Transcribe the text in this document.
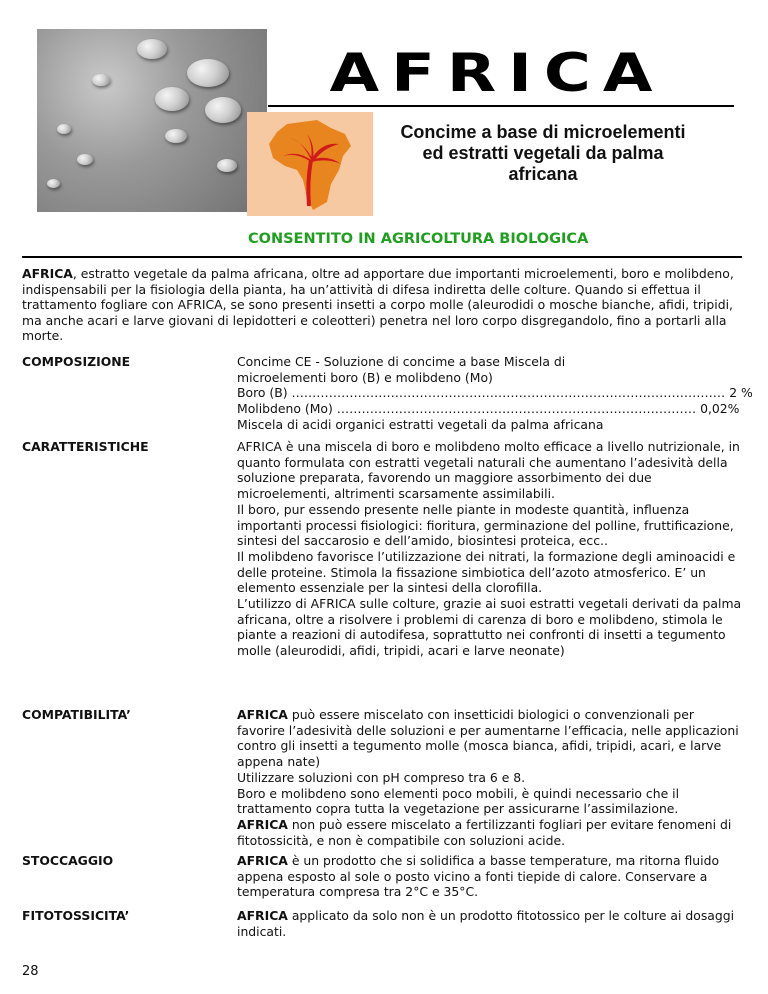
AFRICA
Concime a base di microelementi
ed estratti vegetali da palma
africana
CONSENTITO IN AGRICOLTURA BIOLOGICA
AFRICA, estratto vegetale da palma africana, oltre ad apportare due importanti microelementi, boro e molibdeno, indispensabili per la fisiologia della pianta, ha un’attività di difesa indiretta delle colture. Quando si effettua il trattamento fogliare con AFRICA, se sono presenti insetti a corpo molle (aleurodidi o mosche bianche, afidi, tripidi, ma anche acari e larve giovani di lepidotteri e coleotteri) penetra nel loro corpo disgregandolo, fino a portarli alla morte.
COMPOSIZIONE	Concime CE - Soluzione di concime a base Miscela di

microelementi boro (B) e molibdeno (Mo)

Boro (B) …………………………………………………………………………………………… 2 %
Molibdeno (Mo) …………………………………………………………………………… 0,02%

Miscela di acidi organici estratti vegetali da palma africana

CARATTERISTICHE	AFRICA è una miscela di boro e molibdeno molto efficace a livello nutrizionale, in quanto formulata con estratti vegetali naturali che aumentano l’adesività della soluzione preparata, favorendo un maggiore assorbimento dei due microelementi, altrimenti scarsamente assimilabili.

Il boro, pur essendo presente nelle piante in modeste quantità, influenza importanti processi fisiologici: fioritura, germinazione del polline, fruttificazione, sintesi del saccarosio e dell’amido, biosintesi proteica, ecc..

Il molibdeno favorisce l’utilizzazione dei nitrati, la formazione degli aminoacidi e delle proteine. Stimola la fissazione simbiotica dell’azoto atmosferico. E’ un elemento essenziale per la sintesi della clorofilla.

L’utilizzo di AFRICA sulle colture, grazie ai suoi estratti vegetali derivati da palma africana, oltre a risolvere i problemi di carenza di boro e molibdeno, stimola le piante a reazioni di autodifesa, soprattutto nei confronti di insetti a tegumento molle (aleurodidi, afidi, tripidi, acari e larve neonate)

COMPATIBILITA’	AFRICA può essere miscelato con insetticidi biologici o convenzionali per favorire l’adesività delle soluzioni e per aumentarne l’efficacia, nelle applicazioni contro gli insetti a tegumento molle (mosca bianca, afidi, tripidi, acari, e larve appena nate)

Utilizzare soluzioni con pH compreso tra 6 e 8.

Boro e molibdeno sono elementi poco mobili, è quindi necessario che il trattamento copra tutta la vegetazione per assicurarne l’assimilazione.

AFRICA non può essere miscelato a fertilizzanti fogliari per evitare fenomeni di fitotossicità, e non è compatibile con soluzioni acide.

STOCCAGGIO	AFRICA è un prodotto che si solidifica a basse temperature, ma ritorna fluido appena esposto al sole o posto vicino a fonti tiepide di calore. Conservare a temperatura compresa tra 2°C e 35°C.

FITOTOSSICITA’	AFRICA applicato da solo non è un prodotto fitotossico per le colture ai dosaggi indicati.

28
